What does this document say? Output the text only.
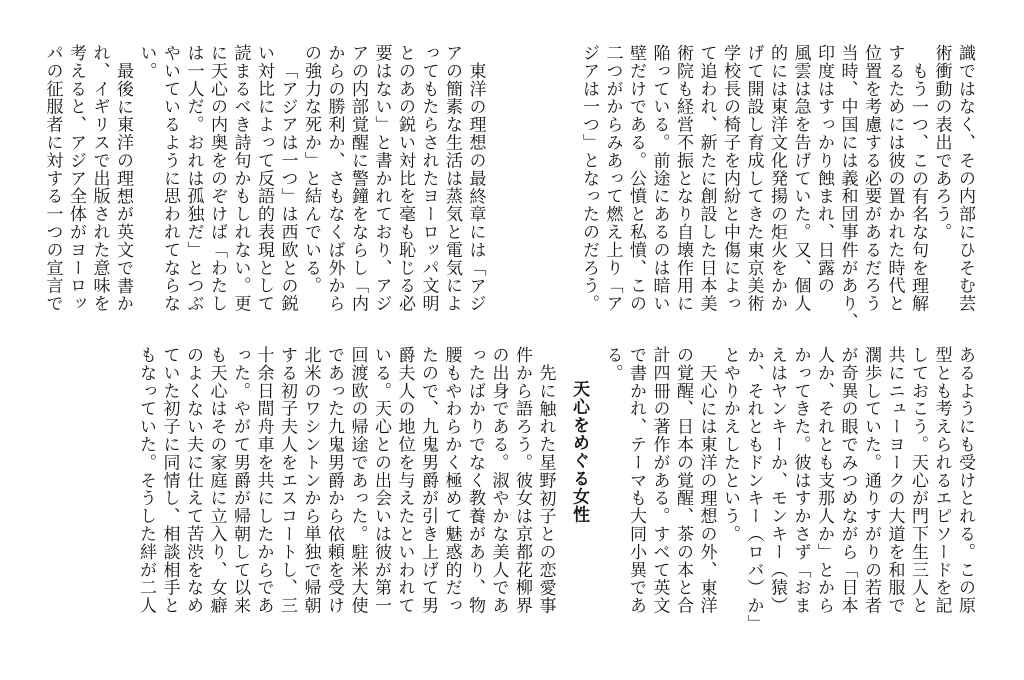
識ではなく、その内部にひそむ芸
術衝動の表出であろう。
もう一つ、この有名な句を理解
するためには彼の置かれた時代と
位置を考慮する必要があるだろう
当時、中国には義和団事件があり、
印度はすっかり蝕まれ、日露の
風雲は急を告げていた。又、個人
的には東洋文化発揚の炬火をかか
げて開設し育成してきた東京美術
学校長の椅子を内紛と中傷によっ
て追われ、新たに創設した日本美
術院も経営不振となり自壊作用に
陥っている。前途にあるのは暗い
壁だけである。公憤と私憤、この
二つがからみあって燃え上り「ア
ジアは一つ」となったのだろう。
東洋の理想の最終章には「アジ
アの簡素な生活は蒸気と電気によ
ってもたらされたヨーロッパ文明
とのあの鋭い対比を毫も恥じる必
要はない」と書かれており、アジ
アの内部覚醒に警鐘をならし「内
からの勝利か、さもなくば外から
の強力な死か」と結んでいる。
「アジアは一つ」は西欧との鋭
い対比によって反語的表現として
読まるべき詩句かもしれない。更
に天心の内奥をのぞけば「わたし
は一人だ。おれは孤独だ」とつぶ
やいているように思われてならな
い。
最後に東洋の理想が英文で書か
れ、イギリスで出版された意味を
考えると、アジア全体がヨーロッ
パの征服者に対する一つの宣言で
あるようにも受けとれる。この原
型とも考えられるエピソードを記
しておこう。天心が門下生三人と
共にニューヨークの大道を和服で
濶歩していた。通りすがりの若者
が奇異の眼でみつめながら「日本
人か、それとも支那人か」とから
かってきた。彼はすかさず「おま
えはヤンキーか、モンキー（猿）
か、それともドンキー（ロバ）か」
とやりかえしたという。
天心には東洋の理想の外、東洋
の覚醒、日本の覚醒、茶の本と合
計四冊の著作がある。すべて英文
で書かれ、テーマも大同小異であ
る。
天心をめぐる女性
先に触れた星野初子との恋愛事
件から語ろう。彼女は京都花柳界
の出身である。淑やかな美人であ
ったばかりでなく教養があり、物
腰もやわらかく極めて魅惑的だっ
たので、九鬼男爵が引き上げて男
爵夫人の地位を与えたといわれて
いる。天心との出会いは彼が第一
回渡欧の帰途であった。駐米大使
であった九鬼男爵から依頼を受け
北米のワシントンから単独で帰朝
する初子夫人をエスコートし、三
十余日間舟車を共にしたからであ
った。やがて男爵が帰朝して以来
も天心はその家庭に立入り、女癖
のよくない夫に仕えて苦渋をなめ
ていた初子に同情し、相談相手と
もなっていた。そうした絆が二人
